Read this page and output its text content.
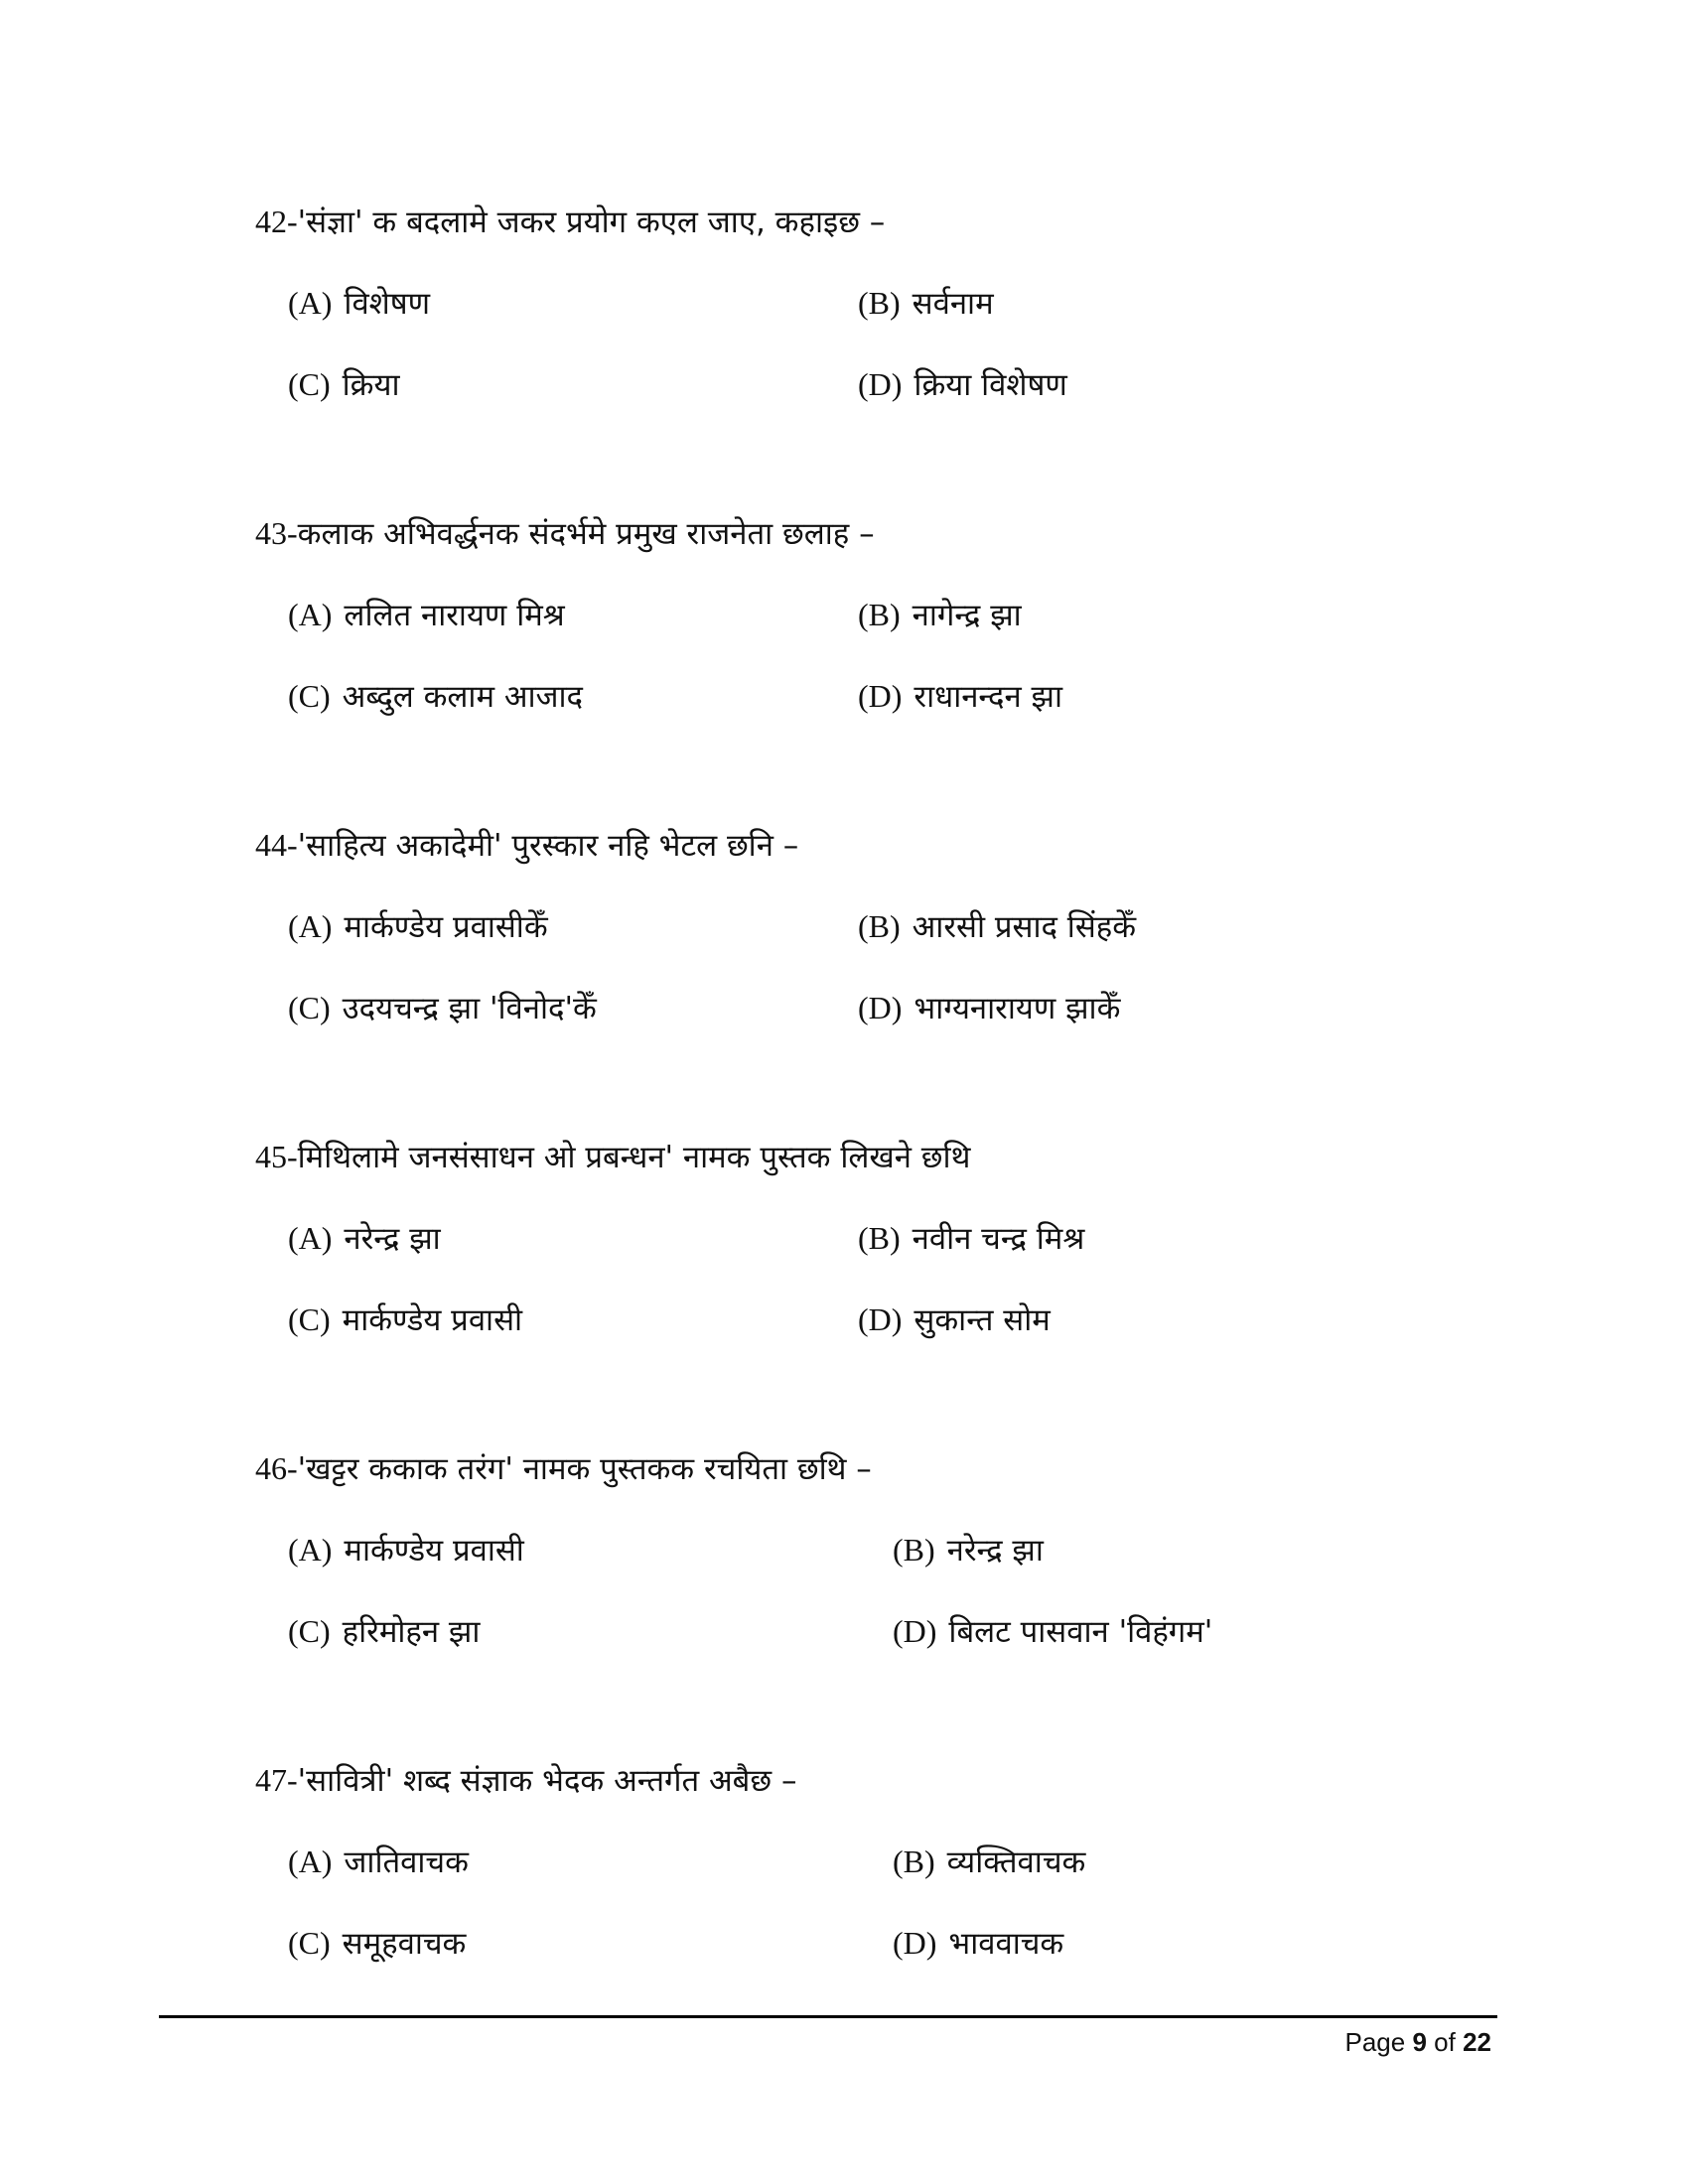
42-'संज्ञा' क बदलामे जकर प्रयोग कएल जाए, कहाइछ –
(A) विशेषण	(B) सर्वनाम
(C) क्रिया	(D) क्रिया विशेषण
43-कलाक अभिवर्द्धनक संदर्भमे प्रमुख राजनेता छलाह –
(A) ललित नारायण मिश्र	(B) नागेन्द्र झा
(C) अब्दुल कलाम आजाद	(D) राधानन्दन झा
44-'साहित्य अकादेमी' पुरस्कार नहि भेटल छनि –
(A) मार्कण्डेय प्रवासीकेँ	(B) आरसी प्रसाद सिंहकेँ
(C) उदयचन्द्र झा 'विनोद'केँ	(D) भाग्यनारायण झाकेँ
45-मिथिलामे जनसंसाधन ओ प्रबन्धन' नामक पुस्तक लिखने छथि
(A) नरेन्द्र झा	(B) नवीन चन्द्र मिश्र
(C) मार्कण्डेय प्रवासी	(D) सुकान्त सोम
46-'खट्टर ककाक तरंग' नामक पुस्तकक रचयिता छथि –
(A) मार्कण्डेय प्रवासी	(B) नरेन्द्र झा
(C) हरिमोहन झा	(D) बिलट पासवान 'विहंगम'
47-'सावित्री' शब्द संज्ञाक भेदक अन्तर्गत अबैछ –
(A) जातिवाचक	(B) व्यक्तिवाचक
(C) समूहवाचक	(D) भाववाचक
Page 9 of 22
